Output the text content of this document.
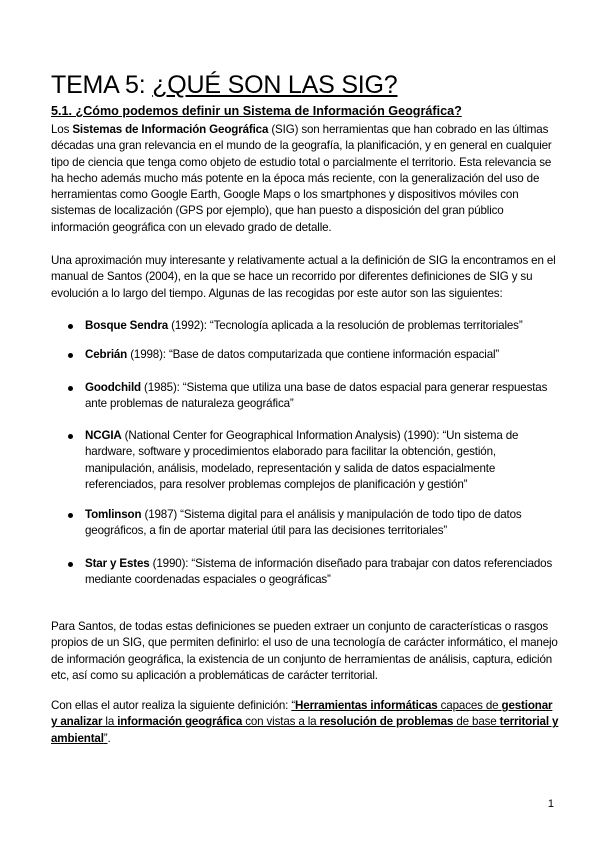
TEMA 5: ¿QUÉ SON LAS SIG?
5.1. ¿Cómo podemos definir un Sistema de Información Geográfica?

Los Sistemas de Información Geográfica (SIG) son herramientas que han cobrado en las últimas décadas una gran relevancia en el mundo de la geografía, la planificación, y en general en cualquier tipo de ciencia que tenga como objeto de estudio total o parcialmente el territorio. Esta relevancia se ha hecho además mucho más potente en la época más reciente, con la generalización del uso de herramientas como Google Earth, Google Maps o los smartphones y dispositivos móviles con sistemas de localización (GPS por ejemplo), que han puesto a disposición del gran público información geográfica con un elevado grado de detalle.

Una aproximación muy interesante y relativamente actual a la definición de SIG la encontramos en el manual de Santos (2004), en la que se hace un recorrido por diferentes definiciones de SIG y su evolución a lo largo del tiempo. Algunas de las recogidas por este autor son las siguientes:

Bosque Sendra (1992): “Tecnología aplicada a la resolución de problemas territoriales”

Cebrián (1998): “Base de datos computarizada que contiene información espacial”

Goodchild (1985): “Sistema que utiliza una base de datos espacial para generar respuestas ante problemas de naturaleza geográfica”

NCGIA (National Center for Geographical Information Analysis) (1990): “Un sistema de hardware, software y procedimientos elaborado para facilitar la obtención, gestión, manipulación, análisis, modelado, representación y salida de datos espacialmente referenciados, para resolver problemas complejos de planificación y gestión”

Tomlinson (1987) “Sistema digital para el análisis y manipulación de todo tipo de datos geográficos, a fin de aportar material útil para las decisiones territoriales”

Star y Estes (1990): “Sistema de información diseñado para trabajar con datos referenciados mediante coordenadas espaciales o geográficas”

Para Santos, de todas estas definiciones se pueden extraer un conjunto de características o rasgos propios de un SIG, que permiten definirlo: el uso de una tecnología de carácter informático, el manejo de información geográfica, la existencia de un conjunto de herramientas de análisis, captura, edición etc, así como su aplicación a problemáticas de carácter territorial.

Con ellas el autor realiza la siguiente definición: “Herramientas informáticas capaces de gestionar y analizar la información geográfica con vistas a la resolución de problemas de base territorial y ambiental”.

1
